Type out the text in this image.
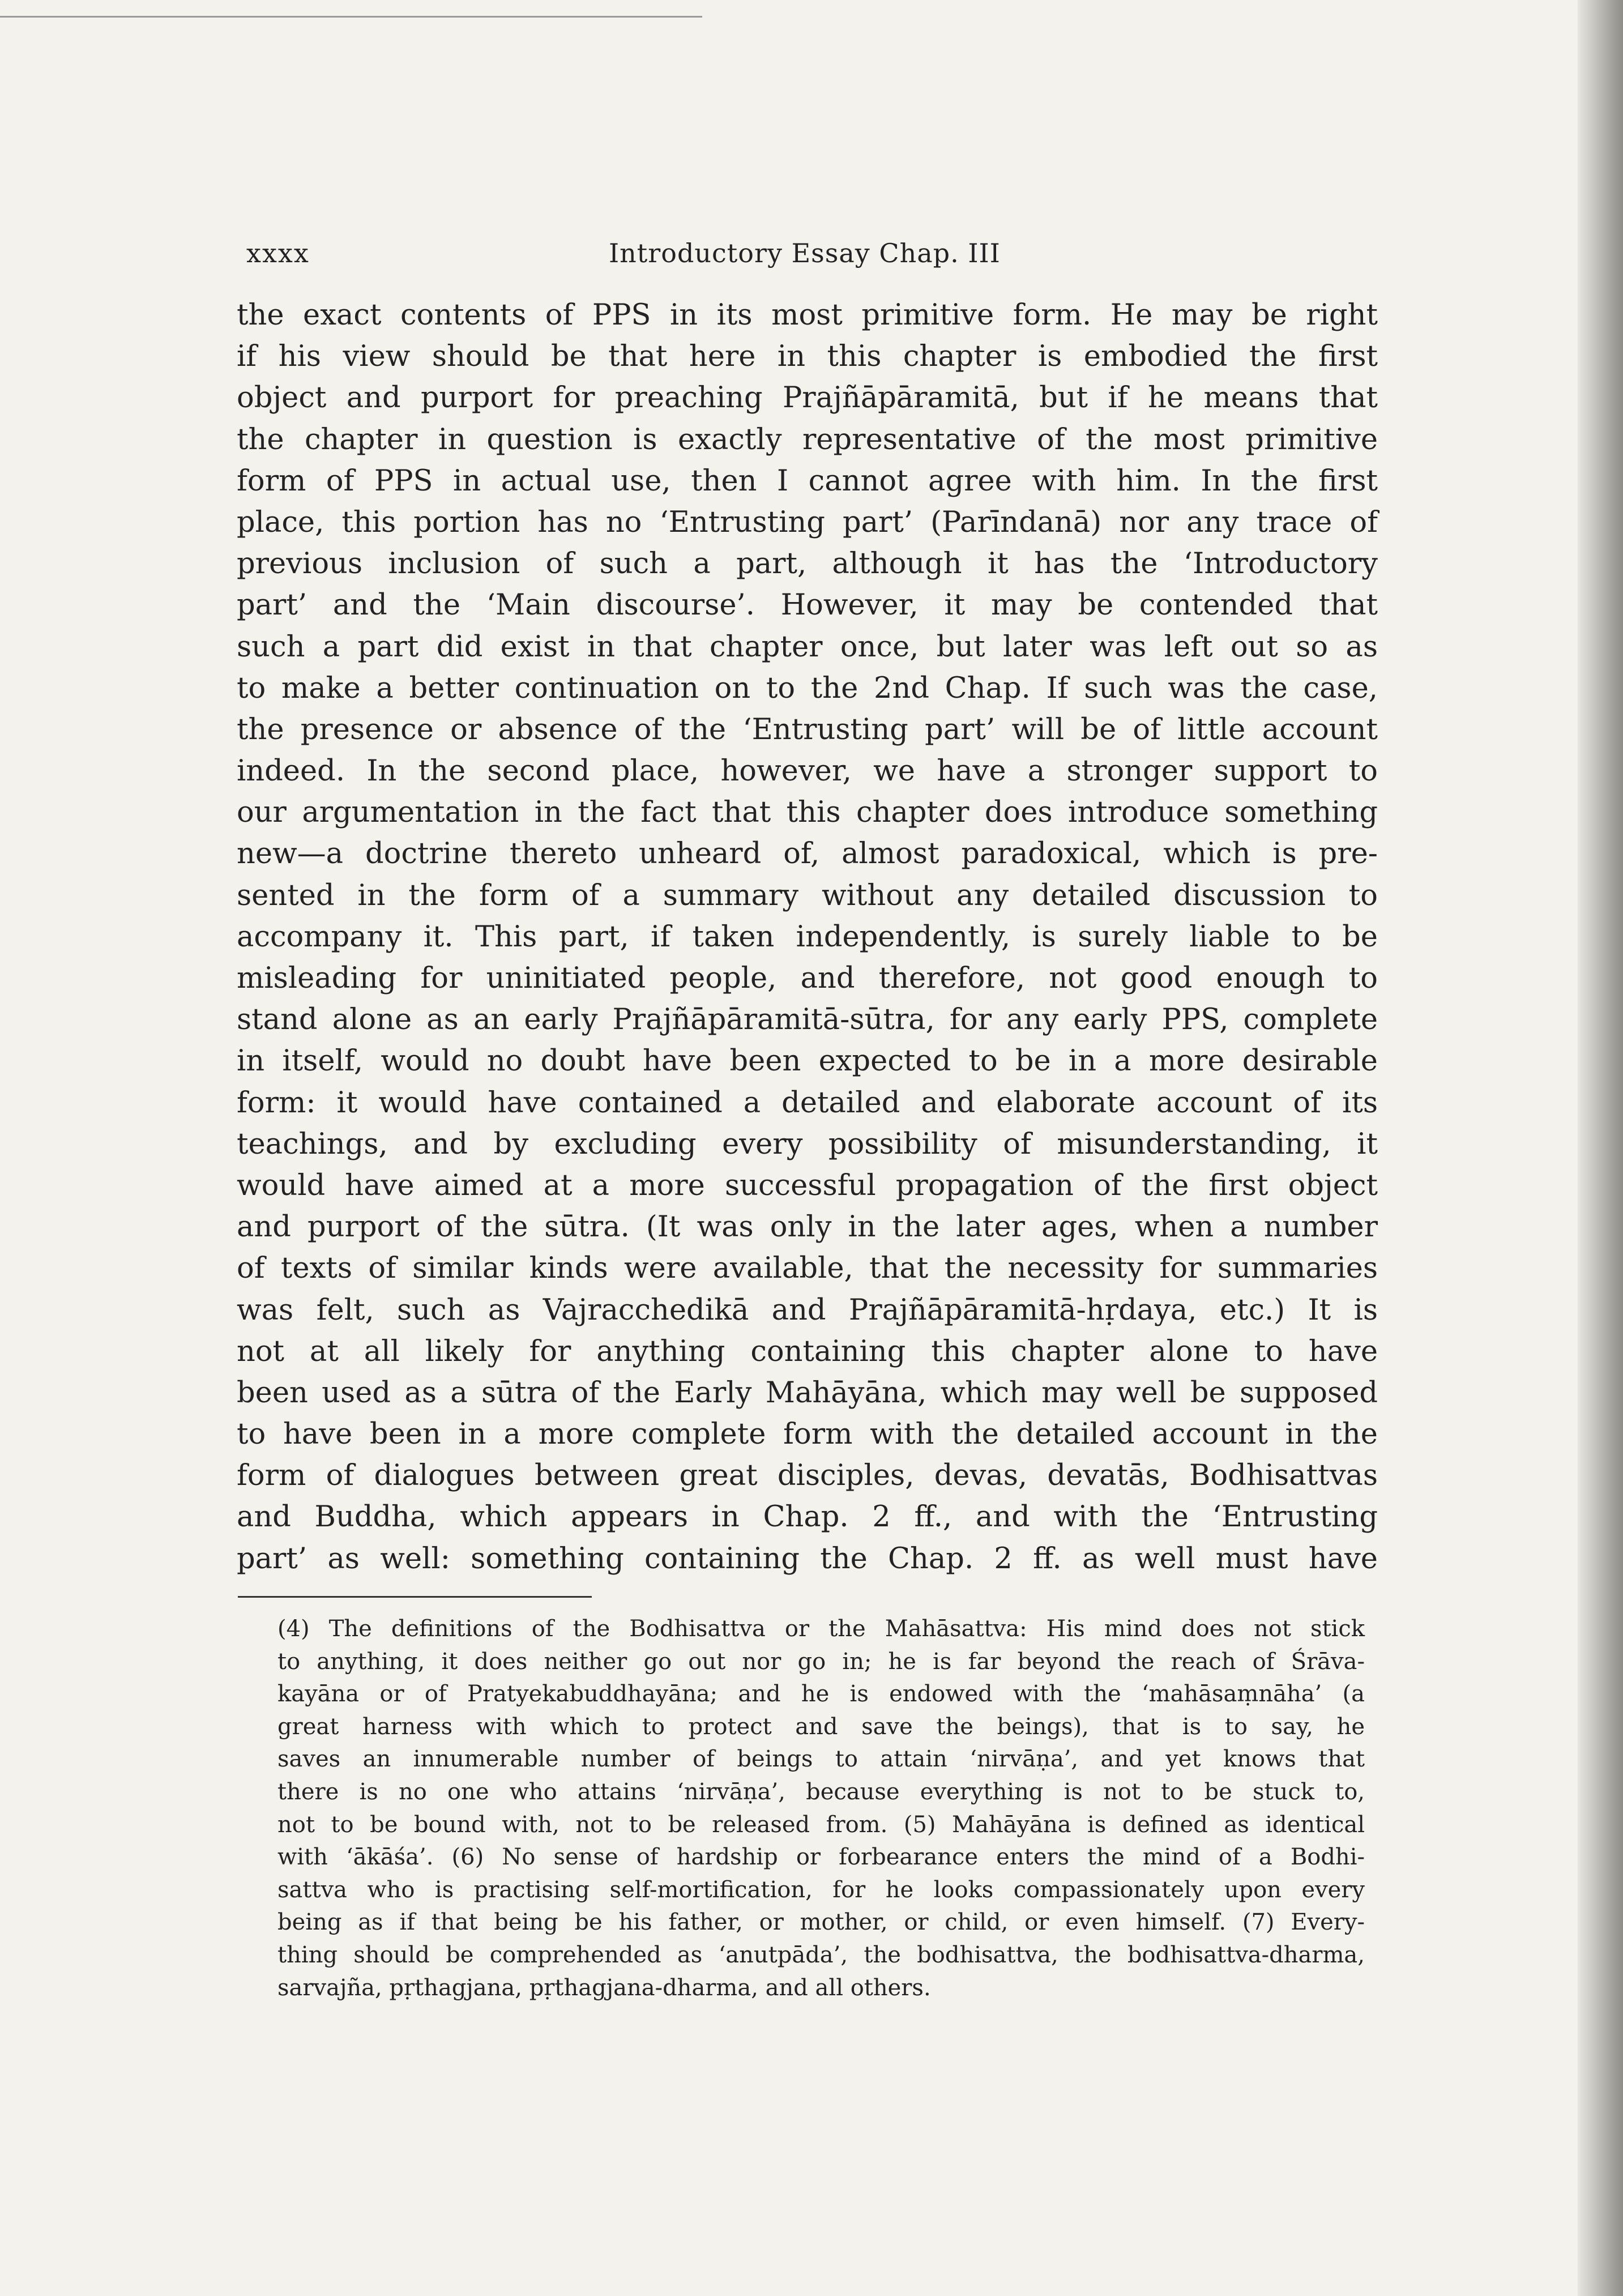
xxxx	Introductory Essay Chap. III
the exact contents of PPS in its most primitive form. He may be right
if his view should be that here in this chapter is embodied the first
object and purport for preaching Prajñāpāramitā, but if he means that
the chapter in question is exactly representative of the most primitive
form of PPS in actual use, then I cannot agree with him. In the first
place, this portion has no ‘Entrusting part’ (Parīndanā) nor any trace of
previous inclusion of such a part, although it has the ‘Introductory
part’ and the ‘Main discourse’. However, it may be contended that
such a part did exist in that chapter once, but later was left out so as
to make a better continuation on to the 2nd Chap. If such was the case,
the presence or absence of the ‘Entrusting part’ will be of little account
indeed. In the second place, however, we have a stronger support to
our argumentation in the fact that this chapter does introduce something
new—a doctrine thereto unheard of, almost paradoxical, which is pre-
sented in the form of a summary without any detailed discussion to
accompany it. This part, if taken independently, is surely liable to be
misleading for uninitiated people, and therefore, not good enough to
stand alone as an early Prajñāpāramitā-sūtra, for any early PPS, complete
in itself, would no doubt have been expected to be in a more desirable
form: it would have contained a detailed and elaborate account of its
teachings, and by excluding every possibility of misunderstanding, it
would have aimed at a more successful propagation of the first object
and purport of the sūtra. (It was only in the later ages, when a number
of texts of similar kinds were available, that the necessity for summaries
was felt, such as Vajracchedikā and Prajñāpāramitā-hṛdaya, etc.) It is
not at all likely for anything containing this chapter alone to have
been used as a sūtra of the Early Mahāyāna, which may well be supposed
to have been in a more complete form with the detailed account in the
form of dialogues between great disciples, devas, devatās, Bodhisattvas
and Buddha, which appears in Chap. 2 ff., and with the ‘Entrusting
part’ as well: something containing the Chap. 2 ff. as well must have
(4) The definitions of the Bodhisattva or the Mahāsattva: His mind does not stick
to anything, it does neither go out nor go in; he is far beyond the reach of Śrāva-
kayāna or of Pratyekabuddhayāna; and he is endowed with the ‘mahāsaṃnāha’ (a
great harness with which to protect and save the beings), that is to say, he
saves an innumerable number of beings to attain ‘nirvāṇa’, and yet knows that
there is no one who attains ‘nirvāṇa’, because everything is not to be stuck to,
not to be bound with, not to be released from. (5) Mahāyāna is defined as identical
with ‘ākāśa’. (6) No sense of hardship or forbearance enters the mind of a Bodhi-
sattva who is practising self-mortification, for he looks compassionately upon every
being as if that being be his father, or mother, or child, or even himself. (7) Every-
thing should be comprehended as ‘anutpāda’, the bodhisattva, the bodhisattva-dharma,
sarvajña, pṛthagjana, pṛthagjana-dharma, and all others.
